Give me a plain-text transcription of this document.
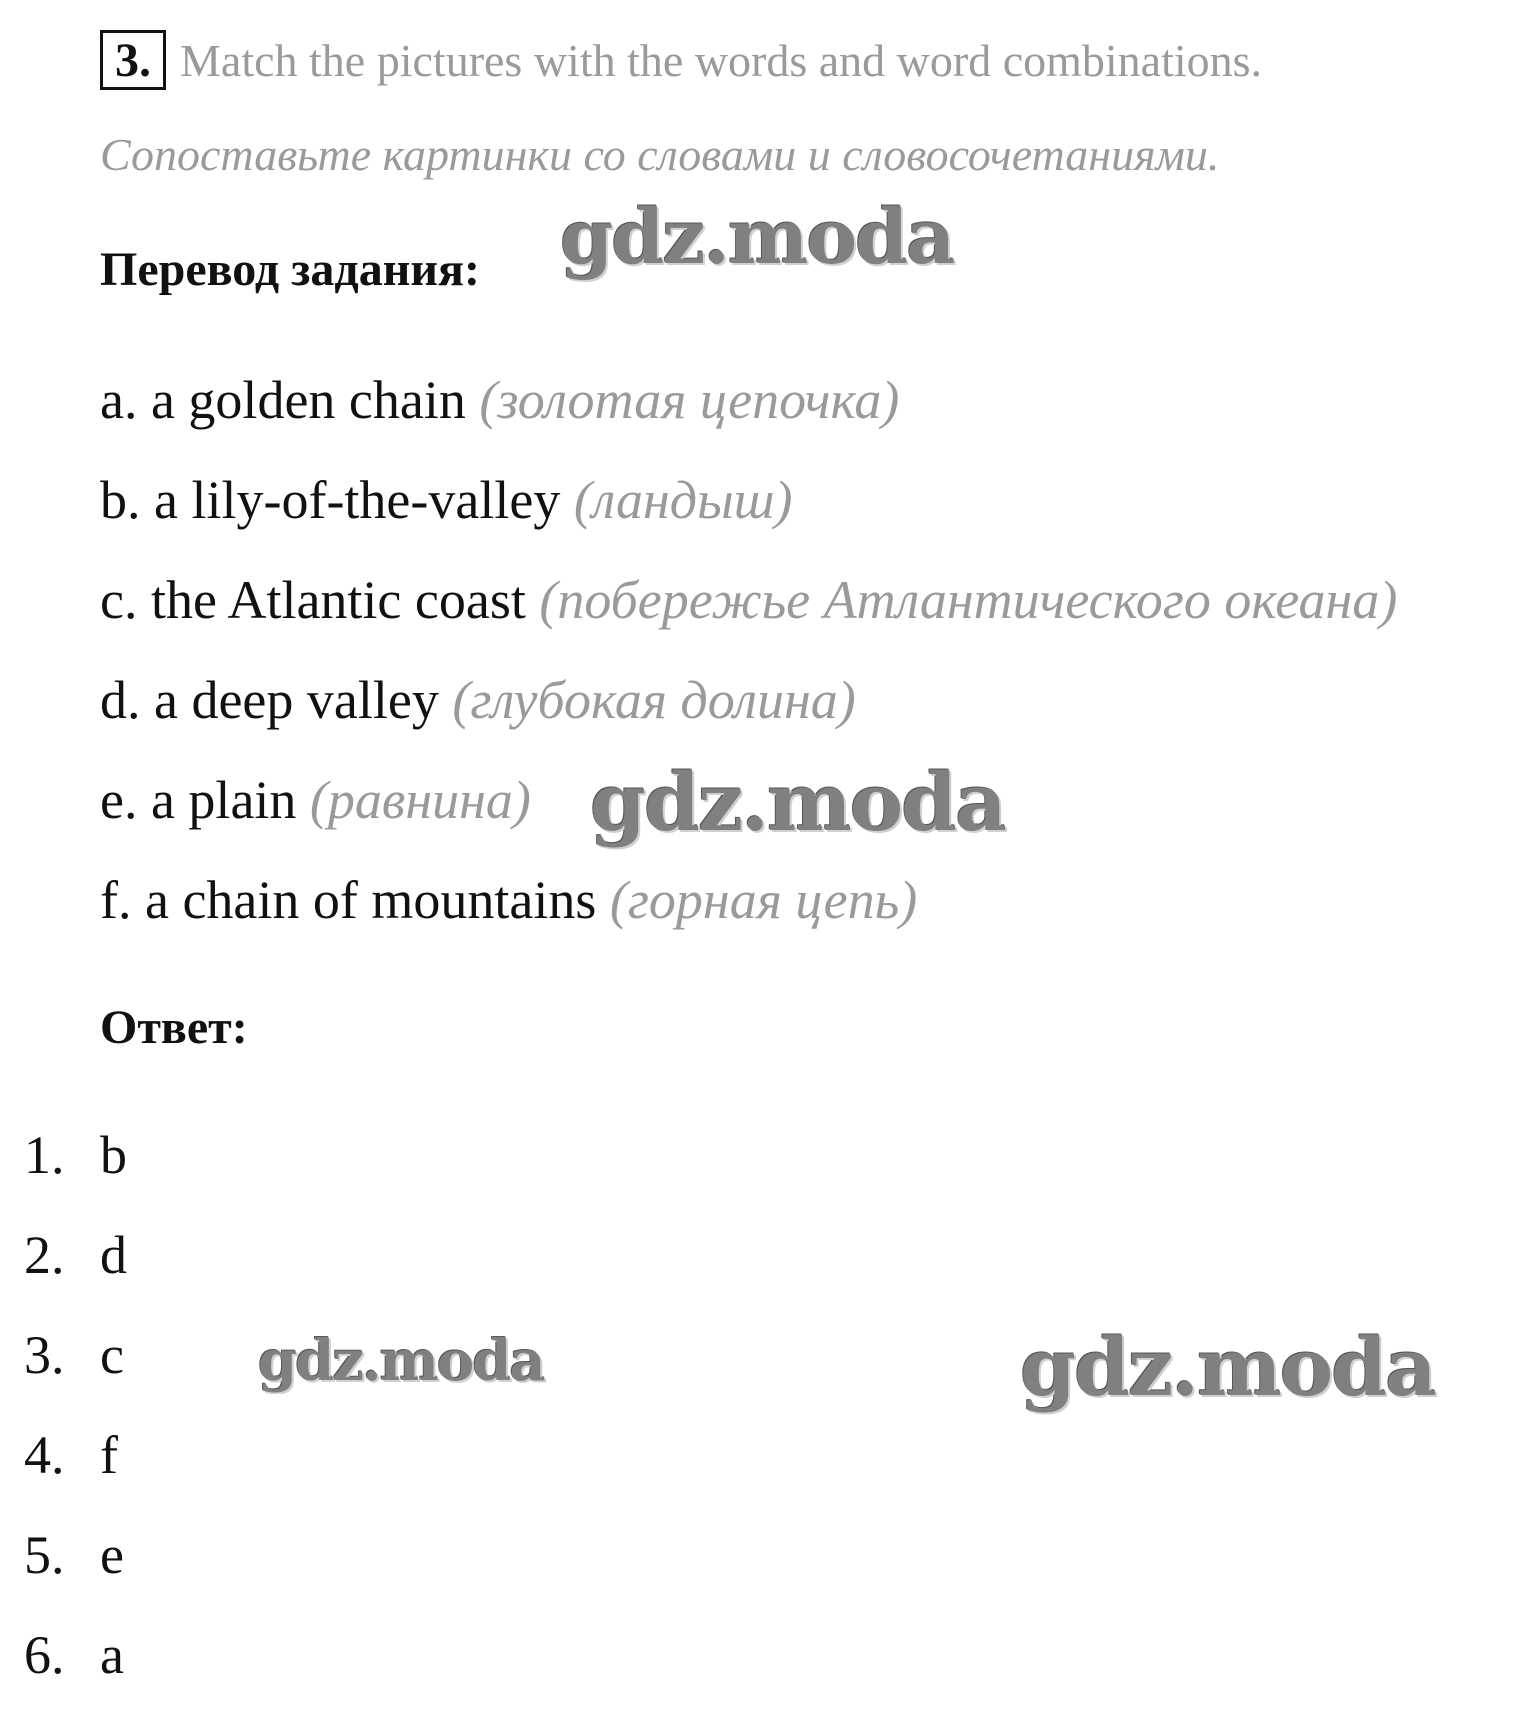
3. Match the pictures with the words and word combinations.
Сопоставьте картинки со словами и словосочетаниями.
Перевод задания:
a. a golden chain (золотая цепочка)
b. a lily-of-the-valley (ландыш)
c. the Atlantic coast (побережье Атлантического океана)
d. a deep valley (глубокая долина)
e. a plain (равнина)
f. a chain of mountains (горная цепь)
Ответ:
1. b
2. d
3. c
4. f
5. e
6. a
gdz.moda
gdz.moda
gdz.moda	gdz.moda
